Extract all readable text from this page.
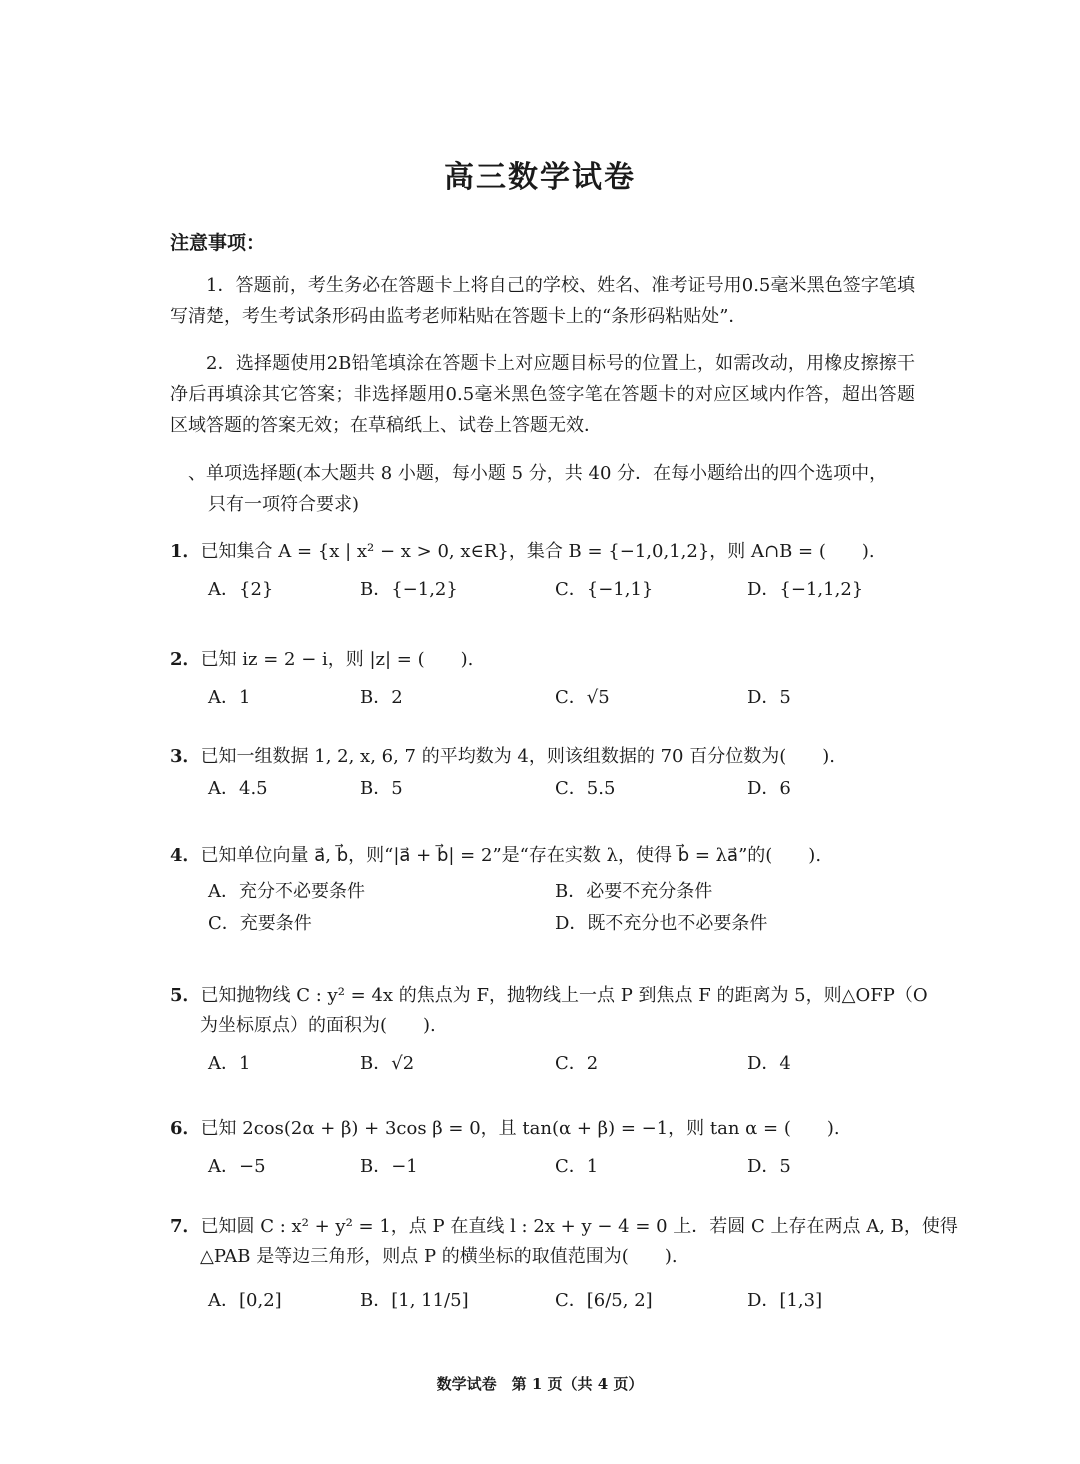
高三数学试卷
注意事项：
1．答题前，考生务必在答题卡上将自己的学校、姓名、准考证号用0.5毫米黑色签字笔填写清楚，考生考试条形码由监考老师粘贴在答题卡上的“条形码粘贴处”．
2．选择题使用2B铅笔填涂在答题卡上对应题目标号的位置上，如需改动，用橡皮擦擦干净后再填涂其它答案；非选择题用0.5毫米黑色签字笔在答题卡的对应区域内作答，超出答题区域答题的答案无效；在草稿纸上、试卷上答题无效．
、单项选择题(本大题共 8 小题，每小题 5 分，共 40 分．在每小题给出的四个选项中，
只有一项符合要求)
1．已知集合 A = {x | x² − x > 0, x∈R}，集合 B = {−1,0,1,2}，则 A∩B = (　　).
A．{2}	B．{−1,2}	C．{−1,1}	D．{−1,1,2}
2．已知 iz = 2 − i，则 |z| = (　　).
A．1	B．2	C．√5	D．5
3．已知一组数据 1, 2, x, 6, 7 的平均数为 4，则该组数据的 70 百分位数为(　　).
A．4.5	B．5	C．5.5	D．6
4．已知单位向量 a⃗, b⃗，则“|a⃗ + b⃗| = 2”是“存在实数 λ，使得 b⃗ = λa⃗”的(　　).
A．充分不必要条件	B．必要不充分条件
C．充要条件	D．既不充分也不必要条件
5．已知抛物线 C : y² = 4x 的焦点为 F，抛物线上一点 P 到焦点 F 的距离为 5，则△OFP（O
为坐标原点）的面积为(　　).
A．1	B．√2	C．2	D．4
6．已知 2cos(2α + β) + 3cos β = 0，且 tan(α + β) = −1，则 tan α = (　　).
A．−5	B．−1	C．1	D．5
7．已知圆 C : x² + y² = 1，点 P 在直线 l : 2x + y − 4 = 0 上．若圆 C 上存在两点 A, B，使得
△PAB 是等边三角形，则点 P 的横坐标的取值范围为(　　).
A．[0,2]	B．[1, 11/5]	C．[6/5, 2]	D．[1,3]
数学试卷　第 1 页（共 4 页）
